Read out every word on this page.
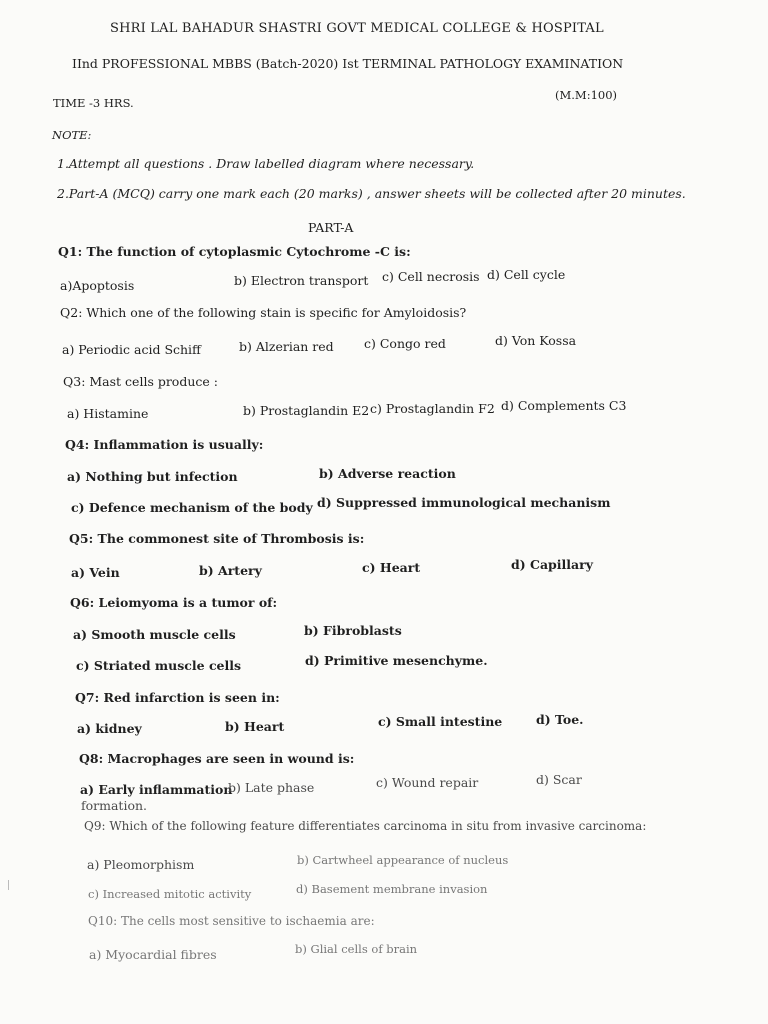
SHRI LAL BAHADUR SHASTRI GOVT MEDICAL COLLEGE & HOSPITAL
IInd PROFESSIONAL MBBS (Batch-2020) Ist TERMINAL PATHOLOGY EXAMINATION
(M.M:100)
TIME -3 HRS.
NOTE:
1.Attempt all questions . Draw labelled diagram where necessary.
2.Part-A (MCQ) carry one mark each (20 marks) , answer sheets will be collected after 20 minutes.
PART-A
Q1: The function of cytoplasmic Cytochrome -C is:
a)Apoptosis	b) Electron transport c) Cell necrosis d) Cell cycle
Q2: Which one of the following stain is specific for Amyloidosis?
a) Periodic acid Schiff	b) Alzerian red c) Congo red	d) Von Kossa
Q3: Mast cells produce :
a) Histamine	b) Prostaglandin E2 c) Prostaglandin F2 d) Complements C3
Q4: Inflammation is usually:
a) Nothing but infection	b) Adverse reaction
c) Defence mechanism of the body d) Suppressed immunological mechanism
Q5: The commonest site of Thrombosis is:
a) Vein	b) Artery	c) Heart	d) Capillary
Q6: Leiomyoma is a tumor of:
a) Smooth muscle cells	b) Fibroblasts
c) Striated muscle cells	d) Primitive mesenchyme.
Q7: Red infarction is seen in:
a) kidney	b) Heart	c) Small intestine	d) Toe.
Q8: Macrophages are seen in wound is:
a) Early inflammation
b) Late phase	c) Wound repair	d) Scar
formation.
Q9: Which of the following feature differentiates carcinoma in situ from invasive carcinoma:
a) Pleomorphism	b) Cartwheel appearance of nucleus
c) Increased mitotic activity	d) Basement membrane invasion
Q10: The cells most sensitive to ischaemia are:
a) Myocardial fibres	b) Glial cells of brain
